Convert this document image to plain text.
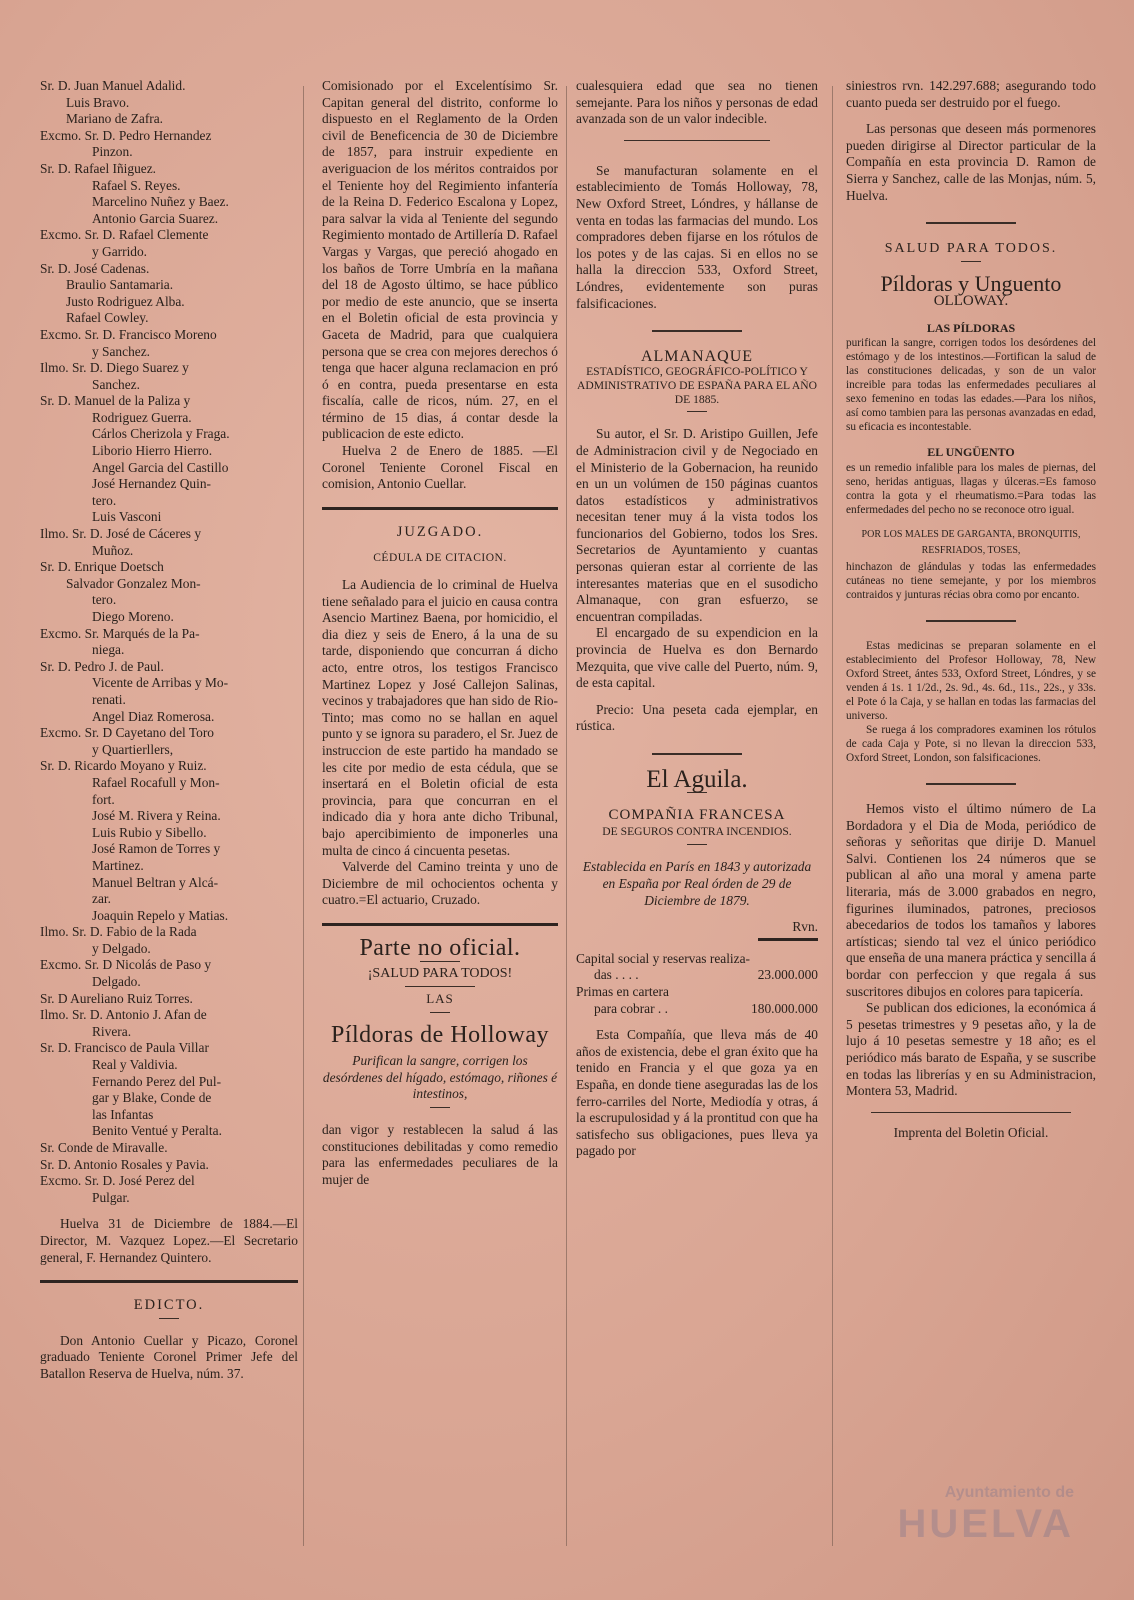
Sr. D. Juan Manuel Adalid.
Luis Bravo.
Mariano de Zafra.
Excmo. Sr. D. Pedro Hernandez
Pinzon.
Sr. D. Rafael Iñiguez.
Rafael S. Reyes.
Marcelino Nuñez y Baez.
Antonio Garcia Suarez.
Excmo. Sr. D. Rafael Clemente
y Garrido.
Sr. D. José Cadenas.
Braulio Santamaria.
Justo Rodriguez Alba.
Rafael Cowley.
Excmo. Sr. D. Francisco Moreno
y Sanchez.
Ilmo. Sr. D. Diego Suarez y
Sanchez.
Sr. D. Manuel de la Paliza y
Rodriguez Guerra.
Cárlos Cherizola y Fraga.
Liborio Hierro Hierro.
Angel Garcia del Castillo
José Hernandez Quin-
tero.
Luis Vasconi
Ilmo. Sr. D. José de Cáceres y
Muñoz.
Sr. D. Enrique Doetsch
Salvador Gonzalez Mon-
tero.
Diego Moreno.
Excmo. Sr. Marqués de la Pa-
niega.
Sr. D. Pedro J. de Paul.
Vicente de Arribas y Mo-
renati.
Angel Diaz Romerosa.
Excmo. Sr. D Cayetano del Toro
y Quartierllers,
Sr. D. Ricardo Moyano y Ruiz.
Rafael Rocafull y Mon-
fort.
José M. Rivera y Reina.
Luis Rubio y Sibello.
José Ramon de Torres y
Martinez.
Manuel Beltran y Alcá-
zar.
Joaquin Repelo y Matias.
Ilmo. Sr. D. Fabio de la Rada
y Delgado.
Excmo. Sr. D Nicolás de Paso y
Delgado.
Sr. D Aureliano Ruiz Torres.
Ilmo. Sr. D. Antonio J. Afan de
Rivera.
Sr. D. Francisco de Paula Villar
Real y Valdivia.
Fernando Perez del Pul-
gar y Blake, Conde de
las Infantas
Benito Ventué y Peralta.
Sr. Conde de Miravalle.
Sr. D. Antonio Rosales y Pavia.
Excmo. Sr. D. José Perez del
Pulgar.

Huelva 31 de Diciembre de 1884.—El Director, M. Vazquez Lopez.—El Secretario general, F. Hernandez Quintero.

EDICTO.

Don Antonio Cuellar y Picazo, Coronel graduado Teniente Coronel Primer Jefe del Batallon Reserva de Huelva, núm. 37.

Comisionado por el Excelentísimo Sr. Capitan general del distrito, conforme lo dispuesto en el Reglamento de la Orden civil de Beneficencia de 30 de Diciembre de 1857, para instruir expediente en averiguacion de los méritos contraidos por el Teniente hoy del Regimiento infantería de la Reina D. Federico Escalona y Lopez, para salvar la vida al Teniente del segundo Regimiento montado de Artillería D. Rafael Vargas y Vargas, que pereció ahogado en los baños de Torre Umbría en la mañana del 18 de Agosto último, se hace público por medio de este anuncio, que se inserta en el Boletin oficial de esta provincia y Gaceta de Madrid, para que cualquiera persona que se crea con mejores derechos ó tenga que hacer alguna reclamacion en pró ó en contra, pueda presentarse en esta fiscalía, calle de ricos, núm. 27, en el término de 15 dias, á contar desde la publicacion de este edicto.

Huelva 2 de Enero de 1885. —El Coronel Teniente Coronel Fiscal en comision, Antonio Cuellar.

JUZGADO.
CÉDULA DE CITACION.

La Audiencia de lo criminal de Huelva tiene señalado para el juicio en causa contra Asencio Martinez Baena, por homicidio, el dia diez y seis de Enero, á la una de su tarde, disponiendo que concurran á dicho acto, entre otros, los testigos Francisco Martinez Lopez y José Callejon Salinas, vecinos y trabajadores que han sido de Rio-Tinto; mas como no se hallan en aquel punto y se ignora su paradero, el Sr. Juez de instruccion de este partido ha mandado se les cite por medio de esta cédula, que se insertará en el Boletin oficial de esta provincia, para que concurran en el indicado dia y hora ante dicho Tribunal, bajo apercibimiento de imponerles una multa de cinco á cincuenta pesetas.

Valverde del Camino treinta y uno de Diciembre de mil ochocientos ochenta y cuatro.=El actuario, Cruzado.

Parte no oficial.
¡SALUD PARA TODOS!
LAS
Píldoras de Holloway

Purifican la sangre, corrigen los desórdenes del hígado, estómago, riñones é intestinos,

dan vigor y restablecen la salud á las constituciones debilitadas y como remedio para las enfermedades peculiares de la mujer de

cualesquiera edad que sea no tienen semejante. Para los niños y personas de edad avanzada son de un valor indecible.

Se manufacturan solamente en el establecimiento de Tomás Holloway, 78, New Oxford Street, Lóndres, y hállanse de venta en todas las farmacias del mundo. Los compradores deben fijarse en los rótulos de los potes y de las cajas. Si en ellos no se halla la direccion 533, Oxford Street, Lóndres, evidentemente son puras falsificaciones.

ALMANAQUE
ESTADÍSTICO, GEOGRÁFICO-POLÍTICO Y ADMINISTRATIVO DE ESPAÑA PARA EL AÑO DE 1885.

Su autor, el Sr. D. Aristipo Guillen, Jefe de Administracion civil y de Negociado en el Ministerio de la Gobernacion, ha reunido en un un volúmen de 150 páginas cuantos datos estadísticos y administrativos necesitan tener muy á la vista todos los funcionarios del Gobierno, todos los Sres. Secretarios de Ayuntamiento y cuantas personas quieran estar al corriente de las interesantes materias que en el susodicho Almanaque, con gran esfuerzo, se encuentran compiladas.

El encargado de su expendicion en la provincia de Huelva es don Bernardo Mezquita, que vive calle del Puerto, núm. 9, de esta capital.

Precio: Una peseta cada ejemplar, en rústica.

El Aguila.
COMPAÑIA FRANCESA
DE SEGUROS CONTRA INCENDIOS.

Establecida en París en 1843 y autorizada en España por Real órden de 29 de Diciembre de 1879.

Rvn.
Capital social y reservas realiza-
das . . . .	23.000.000
Primas en cartera
para cobrar . .	180.000.000

Esta Compañía, que lleva más de 40 años de existencia, debe el gran éxito que ha tenido en Francia y el que goza ya en España, en donde tiene aseguradas las de los ferro-carriles del Norte, Mediodía y otras, á la escrupulosidad y á la prontitud con que ha satisfecho sus obligaciones, pues lleva ya pagado por

siniestros rvn. 142.297.688; asegurando todo cuanto pueda ser destruido por el fuego.

Las personas que deseen más pormenores pueden dirigirse al Director particular de la Compañía en esta provincia D. Ramon de Sierra y Sanchez, calle de las Monjas, núm. 5, Huelva.

SALUD PARA TODOS.
Píldoras y Unguento
OLLOWAY.
LAS PÍLDORAS

purifican la sangre, corrigen todos los desórdenes del estómago y de los intestinos.—Fortifican la salud de las constituciones delicadas, y son de un valor increible para todas las enfermedades peculiares al sexo femenino en todas las edades.—Para los niños, así como tambien para las personas avanzadas en edad, su eficacia es incontestable.

EL UNGÜENTO

es un remedio infalible para los males de piernas, del seno, heridas antiguas, llagas y úlceras.=Es famoso contra la gota y el rheumatismo.=Para todas las enfermedades del pecho no se reconoce otro igual.

POR LOS MALES DE GARGANTA, BRONQUITIS, RESFRIADOS, TOSES,

hinchazon de glándulas y todas las enfermedades cutáneas no tiene semejante, y por los miembros contraidos y junturas récias obra como por encanto.

Estas medicinas se preparan solamente en el establecimiento del Profesor Holloway, 78, New Oxford Street, ántes 533, Oxford Street, Lóndres, y se venden á 1s. 1 1/2d., 2s. 9d., 4s. 6d., 11s., 22s., y 33s. el Pote ó la Caja, y se hallan en todas las farmacias del universo.

Se ruega á los compradores examinen los rótulos de cada Caja y Pote, si no llevan la direccion 533, Oxford Street, London, son falsificaciones.

Hemos visto el último número de La Bordadora y el Dia de Moda, periódico de señoras y señoritas que dirije D. Manuel Salvi. Contienen los 24 números que se publican al año una moral y amena parte literaria, más de 3.000 grabados en negro, figurines iluminados, patrones, preciosos abecedarios de todos los tamaños y labores artísticas; siendo tal vez el único periódico que enseña de una manera práctica y sencilla á bordar con perfeccion y que regala á sus suscritores dibujos en colores para tapicería.

Se publican dos ediciones, la económica á 5 pesetas trimestres y 9 pesetas año, y la de lujo á 10 pesetas semestre y 18 año; es el periódico más barato de España, y se suscribe en todas las librerías y en su Administracion, Montera 53, Madrid.

Imprenta del Boletin Oficial.
Ayuntamiento de
HUELVA
